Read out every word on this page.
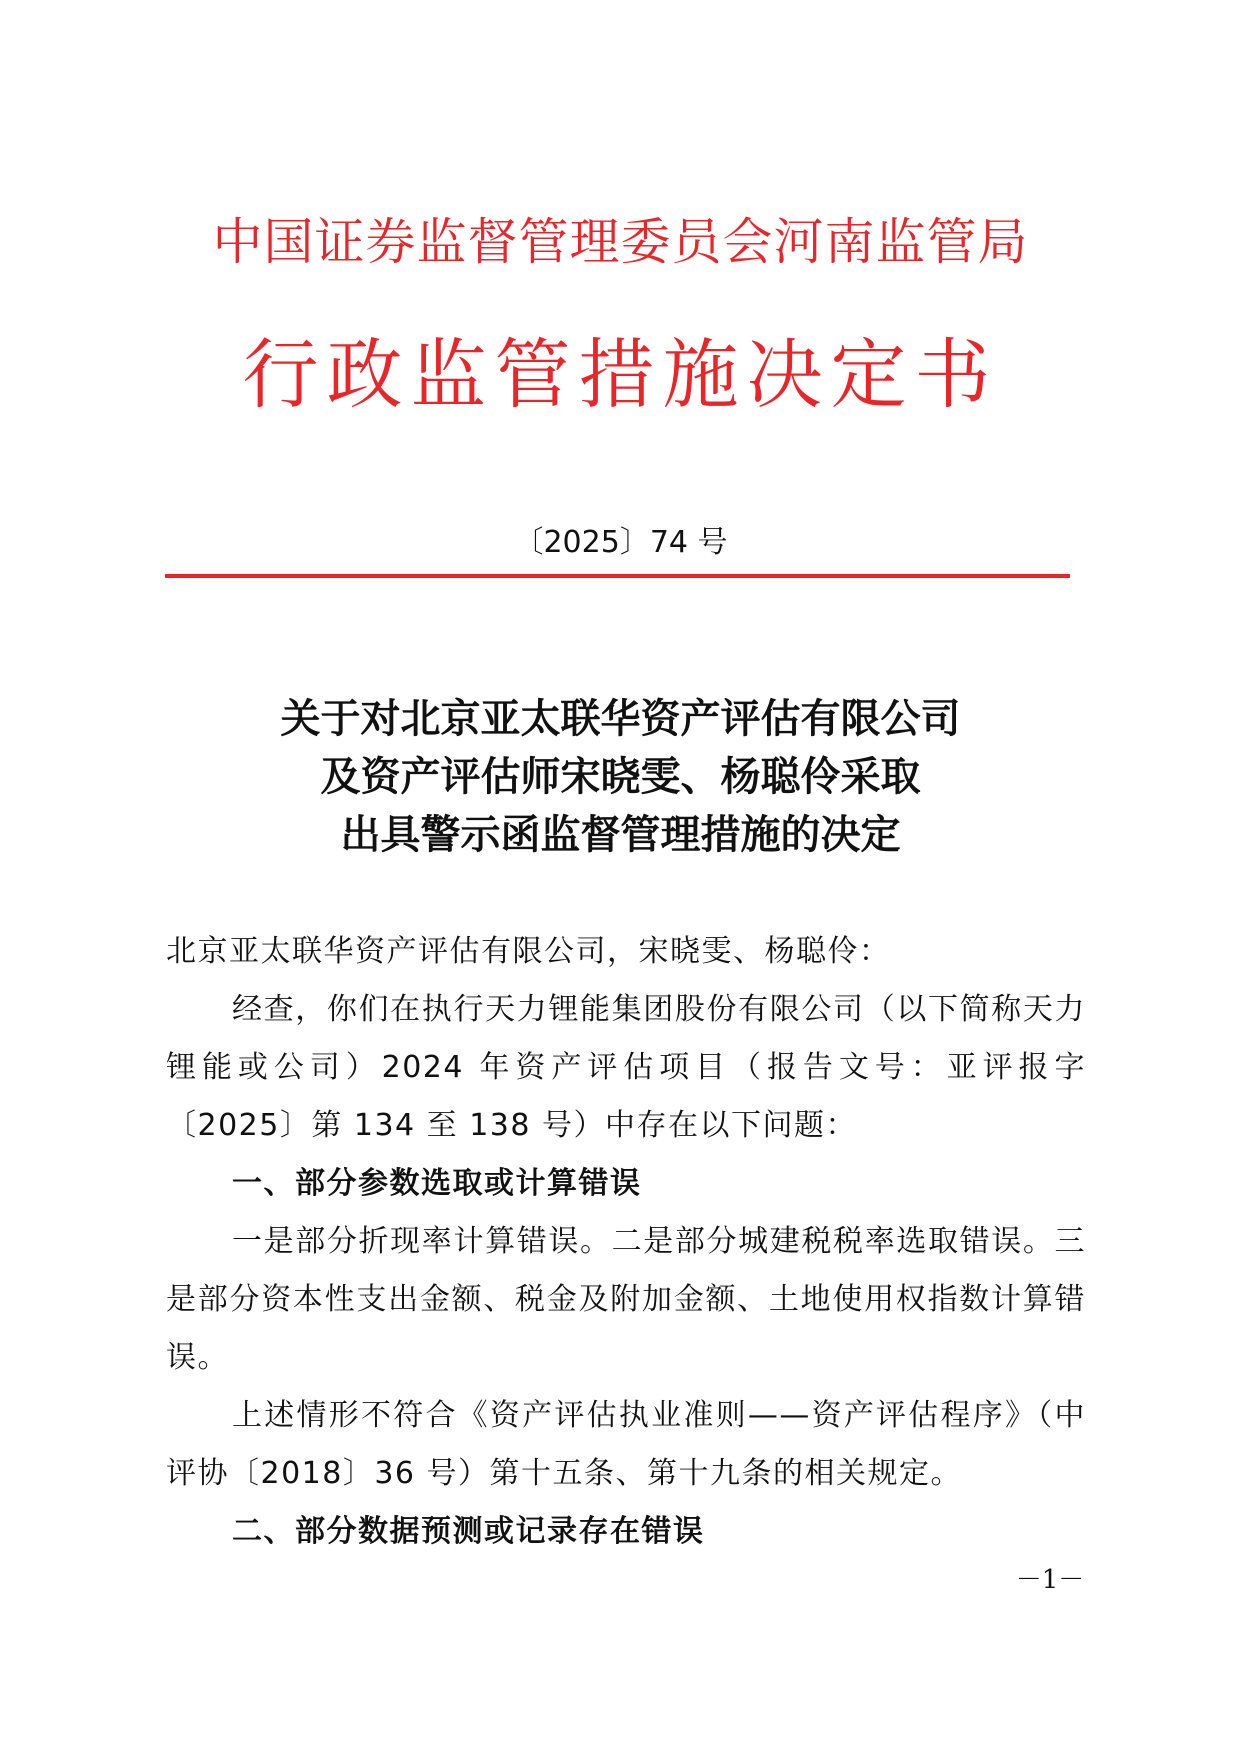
中国证券监督管理委员会河南监管局
行政监管措施决定书
〔2025〕74 号
关于对北京亚太联华资产评估有限公司
及资产评估师宋晓雯、杨聪伶采取
出具警示函监督管理措施的决定

北京亚太联华资产评估有限公司，宋晓雯、杨聪伶：

经查，你们在执行天力锂能集团股份有限公司（以下简称天力锂能或公司）2024 年资产评估项目（报告文号：亚评报字〔2025〕第 134 至 138 号）中存在以下问题：

一、部分参数选取或计算错误

一是部分折现率计算错误。二是部分城建税税率选取错误。三是部分资本性支出金额、税金及附加金额、土地使用权指数计算错误。

上述情形不符合《资产评估执业准则——资产评估程序》（中评协〔2018〕36 号）第十五条、第十九条的相关规定。

二、部分数据预测或记录存在错误

－1－
